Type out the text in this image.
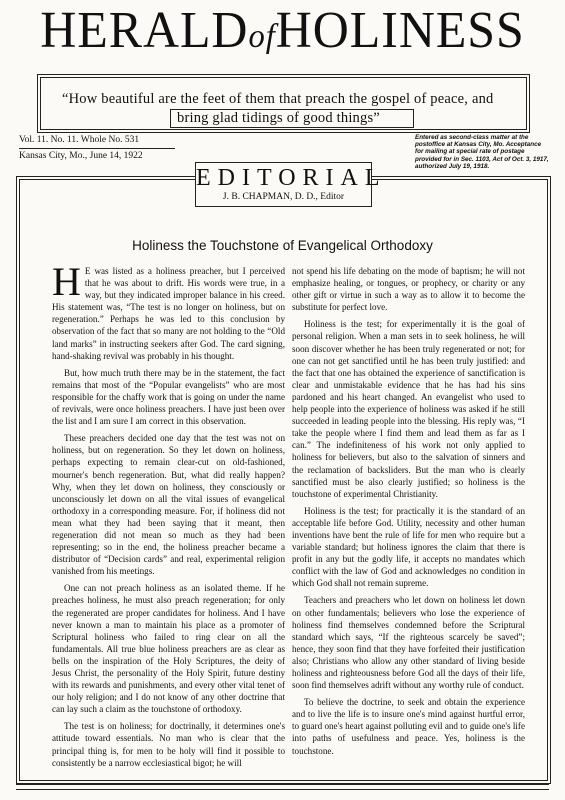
HERALDofHOLINESS
“How beautiful are the feet of them that preach the gospel of peace, and
bring glad tidings of good things”
Vol. 11. No. 11. Whole No. 531
Kansas City, Mo., June 14, 1922
Entered as second-class matter at the postoffice at Kansas City, Mo. Acceptance for mailing at special rate of postage provided for in Sec. 1103, Act of Oct. 3, 1917, authorized July 19, 1918.
EDITORIAL
J. B. CHAPMAN, D. D., Editor
Holiness the Touchstone of Evangelical Orthodoxy

H E was listed as a holiness preacher, but I perceived that he was about to drift. His words were true, in a way, but they indicated improper balance in his creed. His statement was, “The test is no longer on holiness, but on regeneration.” Perhaps he was led to this conclusion by observation of the fact that so many are not holding to the “Old land marks” in instructing seekers after God. The card signing, hand-shaking revival was probably in his thought.

But, how much truth there may be in the statement, the fact remains that most of the “Popular evangelists” who are most responsible for the chaffy work that is going on under the name of revivals, were once holiness preachers. I have just been over the list and I am sure I am correct in this observation.

These preachers decided one day that the test was not on holiness, but on regeneration. So they let down on holiness, perhaps expecting to remain clear-cut on old-fashioned, mourner's bench regeneration. But, what did really happen? Why, when they let down on holiness, they consciously or unconsciously let down on all the vital issues of evangelical orthodoxy in a corresponding measure. For, if holiness did not mean what they had been saying that it meant, then regeneration did not mean so much as they had been representing; so in the end, the holiness preacher became a distributor of “Decision cards” and real, experimental religion vanished from his meetings.

One can not preach holiness as an isolated theme. If he preaches holiness, he must also preach regeneration; for only the regenerated are proper candidates for holiness. And I have never known a man to maintain his place as a promoter of Scriptural holiness who failed to ring clear on all the fundamentals. All true blue holiness preachers are as clear as bells on the inspiration of the Holy Scriptures, the deity of Jesus Christ, the personality of the Holy Spirit, future destiny with its rewards and punishments, and every other vital tenet of our holy religion; and I do not know of any other doctrine that can lay such a claim as the touchstone of orthodoxy.

The test is on holiness; for doctrinally, it determines one's attitude toward essentials. No man who is clear that the principal thing is, for men to be holy will find it possible to consistently be a narrow ecclesiastical bigot; he will

not spend his life debating on the mode of baptism; he will not emphasize healing, or tongues, or prophecy, or charity or any other gift or virtue in such a way as to allow it to become the substitute for perfect love.

Holiness is the test; for experimentally it is the goal of personal religion. When a man sets in to seek holiness, he will soon discover whether he has been truly regenerated or not; for one can not get sanctified until he has been truly justified: and the fact that one has obtained the experience of sanctification is clear and unmistakable evidence that he has had his sins pardoned and his heart changed. An evangelist who used to help people into the experience of holiness was asked if he still succeeded in leading people into the blessing. His reply was, “I take the people where I find them and lead them as far as I can.” The indefiniteness of his work not only applied to holiness for believers, but also to the salvation of sinners and the reclamation of backsliders. But the man who is clearly sanctified must be also clearly justified; so holiness is the touchstone of experimental Christianity.

Holiness is the test; for practically it is the standard of an acceptable life before God. Utility, necessity and other human inventions have bent the rule of life for men who require but a variable standard; but holiness ignores the claim that there is profit in any but the godly life, it accepts no mandates which conflict with the law of God and acknowledges no condition in which God shall not remain supreme.

Teachers and preachers who let down on holiness let down on other fundamentals; believers who lose the experience of holiness find themselves condemned before the Scriptural standard which says, “If the righteous scarcely be saved”; hence, they soon find that they have forfeited their justification also; Christians who allow any other standard of living beside holiness and righteousness before God all the days of their life, soon find themselves adrift without any worthy rule of conduct.

To believe the doctrine, to seek and obtain the experience and to live the life is to insure one's mind against hurtful error, to guard one's heart against polluting evil and to guide one's life into paths of usefulness and peace. Yes, holiness is the touchstone.
